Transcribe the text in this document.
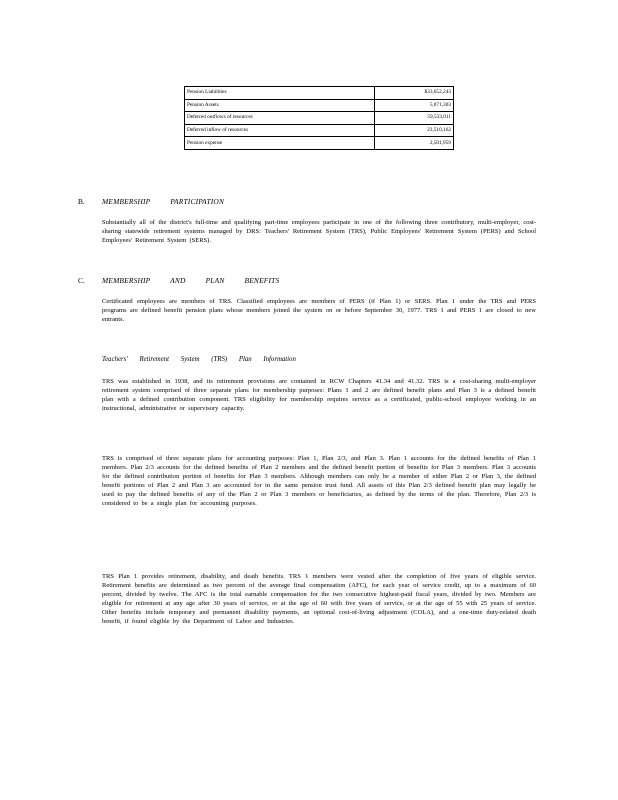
Pension Liabilities	$33,652,243
Pension Assets	5,071,303
Deferred outflows of resources	59,533,011
Deferred inflow of resources	23,510,162
Pension expense	2,501,959
B. MEMBERSHIP PARTICIPATION

Substantially all of the district's full-time and qualifying part-time employees participate in one of the following three contributory, multi-employer, cost-sharing statewide retirement systems managed by DRS: Teachers' Retirement System (TRS), Public Employees' Retirement System (PERS) and School Employees' Retirement System (SERS).

C. MEMBERSHIP AND PLAN BENEFITS

Certificated employees are members of TRS. Classified employees are members of PERS (if Plan 1) or SERS. Plan 1 under the TRS and PERS programs are defined benefit pension plans whose members joined the system on or before September 30, 1977. TRS 1 and PERS 1 are closed to new entrants.

Teachers' Retirement System (TRS) Plan Information

TRS was established in 1938, and its retirement provisions are contained in RCW Chapters 41.34 and 41.32. TRS is a cost-sharing multi-employer retirement system comprised of three separate plans for membership purposes: Plans 1 and 2 are defined benefit plans and Plan 3 is a defined benefit plan with a defined contribution component. TRS eligibility for membership requires service as a certificated, public-school employee working in an instructional, administrative or supervisory capacity.

TRS is comprised of three separate plans for accounting purposes: Plan 1, Plan 2/3, and Plan 3. Plan 1 accounts for the defined benefits of Plan 1 members. Plan 2/3 accounts for the defined benefits of Plan 2 members and the defined benefit portion of benefits for Plan 3 members. Plan 3 accounts for the defined contribution portion of benefits for Plan 3 members. Although members can only be a member of either Plan 2 or Plan 3, the defined benefit portions of Plan 2 and Plan 3 are accounted for in the same pension trust fund. All assets of this Plan 2/3 defined benefit plan may legally be used to pay the defined benefits of any of the Plan 2 or Plan 3 members or beneficiaries, as defined by the terms of the plan. Therefore, Plan 2/3 is considered to be a single plan for accounting purposes.

TRS Plan 1 provides retirement, disability, and death benefits. TRS 1 members were vested after the completion of five years of eligible service. Retirement benefits are determined as two percent of the average final compensation (AFC), for each year of service credit, up to a maximum of 60 percent, divided by twelve. The AFC is the total earnable compensation for the two consecutive highest-paid fiscal years, divided by two. Members are eligible for retirement at any age after 30 years of service, or at the age of 60 with five years of service, or at the age of 55 with 25 years of service. Other benefits include temporary and permanent disability payments, an optional cost-of-living adjustment (COLA), and a one-time duty-related death benefit, if found eligible by the Department of Labor and Industries.
